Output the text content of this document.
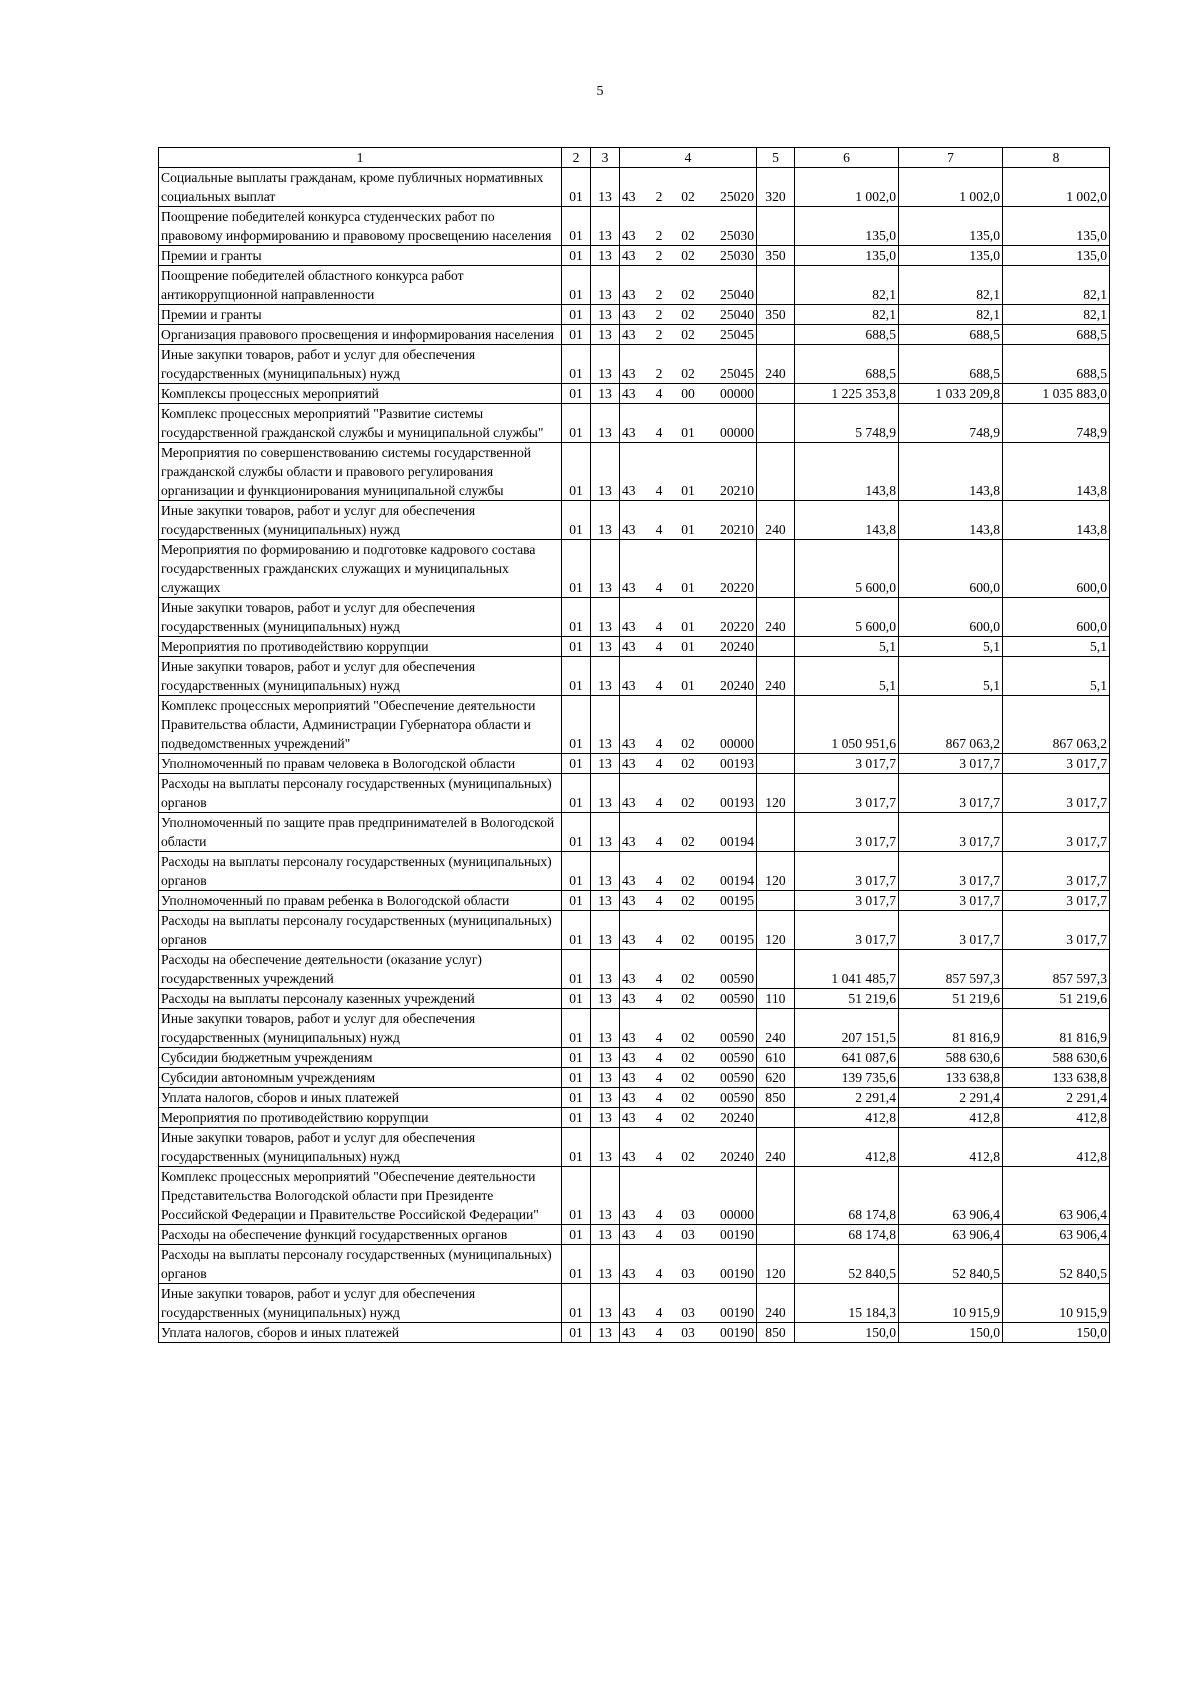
5
1	2	3	4	5	6	7	8
Социальные выплаты гражданам, кроме публичных нормативных социальных выплат	01	13	43 2 02 25020	320	1 002,0	1 002,0	1 002,0
Поощрение победителей конкурса студенческих работ по правовому информированию и правовому просвещению населения	01	13	43 2 02 25030		135,0	135,0	135,0
Премии и гранты	01	13	43 2 02 25030	350	135,0	135,0	135,0
Поощрение победителей областного конкурса работ антикоррупционной направленности	01	13	43 2 02 25040		82,1	82,1	82,1
Премии и гранты	01	13	43 2 02 25040	350	82,1	82,1	82,1
Организация правового просвещения и информирования населения	01	13	43 2 02 25045		688,5	688,5	688,5
Иные закупки товаров, работ и услуг для обеспечения государственных (муниципальных) нужд	01	13	43 2 02 25045	240	688,5	688,5	688,5
Комплексы процессных мероприятий	01	13	43 4 00 00000		1 225 353,8	1 033 209,8	1 035 883,0
Комплекс процессных мероприятий "Развитие системы государственной гражданской службы и муниципальной службы"	01	13	43 4 01 00000		5 748,9	748,9	748,9
Мероприятия по совершенствованию системы государственной гражданской службы области и правового регулирования организации и функционирования муниципальной службы	01	13	43 4 01 20210		143,8	143,8	143,8
Иные закупки товаров, работ и услуг для обеспечения государственных (муниципальных) нужд	01	13	43 4 01 20210	240	143,8	143,8	143,8
Мероприятия по формированию и подготовке кадрового состава государственных гражданских служащих и муниципальных служащих	01	13	43 4 01 20220		5 600,0	600,0	600,0
Иные закупки товаров, работ и услуг для обеспечения государственных (муниципальных) нужд	01	13	43 4 01 20220	240	5 600,0	600,0	600,0
Мероприятия по противодействию коррупции	01	13	43 4 01 20240		5,1	5,1	5,1
Иные закупки товаров, работ и услуг для обеспечения государственных (муниципальных) нужд	01	13	43 4 01 20240	240	5,1	5,1	5,1
Комплекс процессных мероприятий "Обеспечение деятельности Правительства области, Администрации Губернатора области и подведомственных учреждений"	01	13	43 4 02 00000		1 050 951,6	867 063,2	867 063,2
Уполномоченный по правам человека в Вологодской области	01	13	43 4 02 00193		3 017,7	3 017,7	3 017,7
Расходы на выплаты персоналу государственных (муниципальных) органов	01	13	43 4 02 00193	120	3 017,7	3 017,7	3 017,7
Уполномоченный по защите прав предпринимателей в Вологодской области	01	13	43 4 02 00194		3 017,7	3 017,7	3 017,7
Расходы на выплаты персоналу государственных (муниципальных) органов	01	13	43 4 02 00194	120	3 017,7	3 017,7	3 017,7
Уполномоченный по правам ребенка в Вологодской области	01	13	43 4 02 00195		3 017,7	3 017,7	3 017,7
Расходы на выплаты персоналу государственных (муниципальных) органов	01	13	43 4 02 00195	120	3 017,7	3 017,7	3 017,7
Расходы на обеспечение деятельности (оказание услуг) государственных учреждений	01	13	43 4 02 00590		1 041 485,7	857 597,3	857 597,3
Расходы на выплаты персоналу казенных учреждений	01	13	43 4 02 00590	110	51 219,6	51 219,6	51 219,6
Иные закупки товаров, работ и услуг для обеспечения государственных (муниципальных) нужд	01	13	43 4 02 00590	240	207 151,5	81 816,9	81 816,9
Субсидии бюджетным учреждениям	01	13	43 4 02 00590	610	641 087,6	588 630,6	588 630,6
Субсидии автономным учреждениям	01	13	43 4 02 00590	620	139 735,6	133 638,8	133 638,8
Уплата налогов, сборов и иных платежей	01	13	43 4 02 00590	850	2 291,4	2 291,4	2 291,4
Мероприятия по противодействию коррупции	01	13	43 4 02 20240		412,8	412,8	412,8
Иные закупки товаров, работ и услуг для обеспечения государственных (муниципальных) нужд	01	13	43 4 02 20240	240	412,8	412,8	412,8
Комплекс процессных мероприятий "Обеспечение деятельности Представительства Вологодской области при Президенте Российской Федерации и Правительстве Российской Федерации"	01	13	43 4 03 00000		68 174,8	63 906,4	63 906,4
Расходы на обеспечение функций государственных органов	01	13	43 4 03 00190		68 174,8	63 906,4	63 906,4
Расходы на выплаты персоналу государственных (муниципальных) органов	01	13	43 4 03 00190	120	52 840,5	52 840,5	52 840,5
Иные закупки товаров, работ и услуг для обеспечения государственных (муниципальных) нужд	01	13	43 4 03 00190	240	15 184,3	10 915,9	10 915,9
Уплата налогов, сборов и иных платежей	01	13	43 4 03 00190	850	150,0	150,0	150,0
